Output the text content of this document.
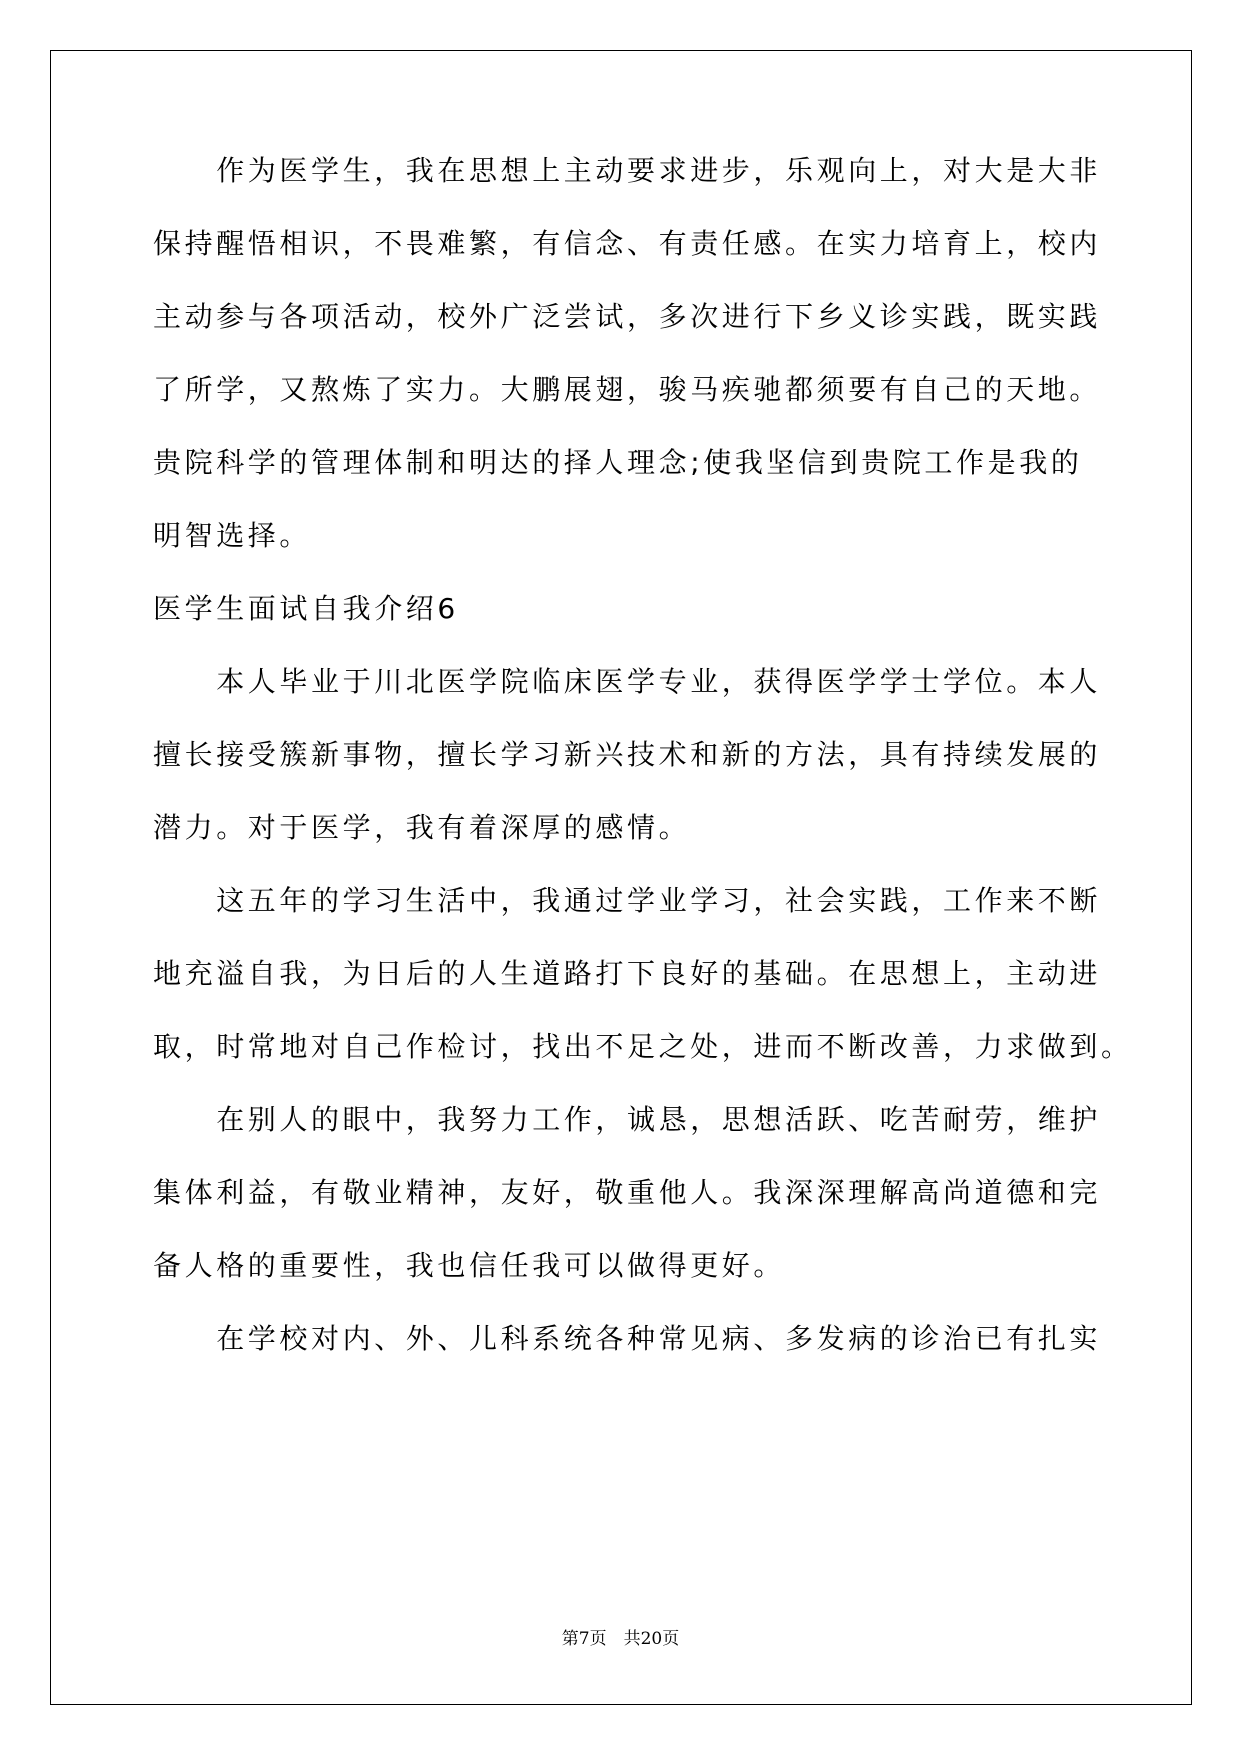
　　作为医学生，我在思想上主动要求进步，乐观向上，对大是大非
保持醒悟相识，不畏难繁，有信念、有责任感。在实力培育上，校内
主动参与各项活动，校外广泛尝试，多次进行下乡义诊实践，既实践
了所学，又熬炼了实力。大鹏展翅，骏马疾驰都须要有自己的天地。
贵院科学的管理体制和明达的择人理念;使我坚信到贵院工作是我的
明智选择。
医学生面试自我介绍6
　　本人毕业于川北医学院临床医学专业，获得医学学士学位。本人
擅长接受簇新事物，擅长学习新兴技术和新的方法，具有持续发展的
潜力。对于医学，我有着深厚的感情。
　　这五年的学习生活中，我通过学业学习，社会实践，工作来不断
地充溢自我，为日后的人生道路打下良好的基础。在思想上，主动进
取，时常地对自己作检讨，找出不足之处，进而不断改善，力求做到。
　　在别人的眼中，我努力工作，诚恳，思想活跃、吃苦耐劳，维护
集体利益，有敬业精神，友好，敬重他人。我深深理解高尚道德和完
备人格的重要性，我也信任我可以做得更好。
　　在学校对内、外、儿科系统各种常见病、多发病的诊治已有扎实
第7页　共20页
